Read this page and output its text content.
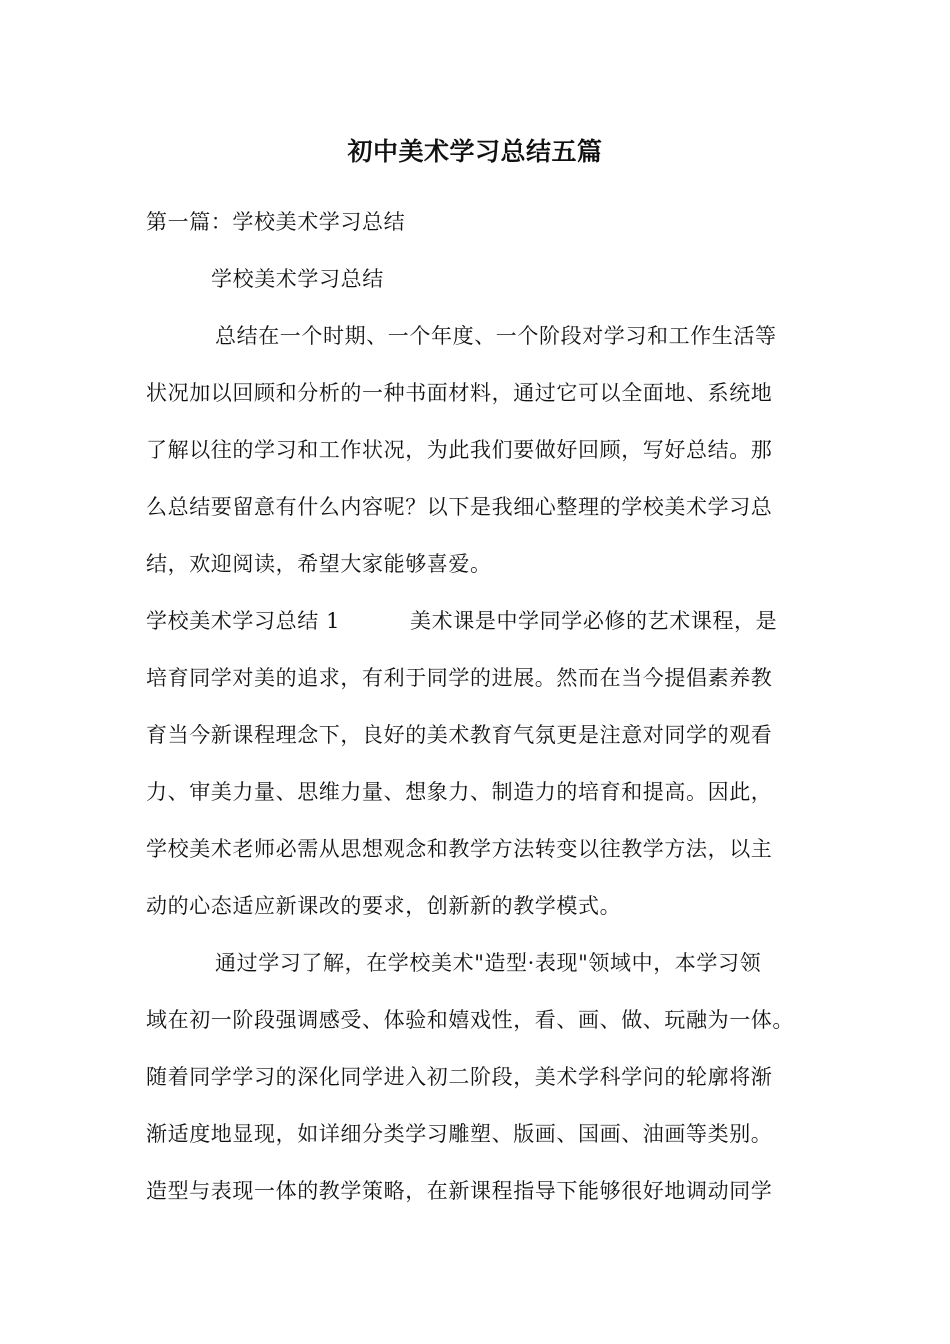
初中美术学习总结五篇
第一篇：学校美术学习总结
学校美术学习总结
总结在一个时期、一个年度、一个阶段对学习和工作生活等
状况加以回顾和分析的一种书面材料，通过它可以全面地、系统地
了解以往的学习和工作状况，为此我们要做好回顾，写好总结。那
么总结要留意有什么内容呢？以下是我细心整理的学校美术学习总
结，欢迎阅读，希望大家能够喜爱。
学校美术学习总结 1	美术课是中学同学必修的艺术课程，是
培育同学对美的追求，有利于同学的进展。然而在当今提倡素养教
育当今新课程理念下，良好的美术教育气氛更是注意对同学的观看
力、审美力量、思维力量、想象力、制造力的培育和提高。因此，
学校美术老师必需从思想观念和教学方法转变以往教学方法，以主
动的心态适应新课改的要求，创新新的教学模式。
通过学习了解，在学校美术"造型·表现"领域中，本学习领
域在初一阶段强调感受、体验和嬉戏性，看、画、做、玩融为一体。
随着同学学习的深化同学进入初二阶段，美术学科学问的轮廓将渐
渐适度地显现，如详细分类学习雕塑、版画、国画、油画等类别。
造型与表现一体的教学策略，在新课程指导下能够很好地调动同学
